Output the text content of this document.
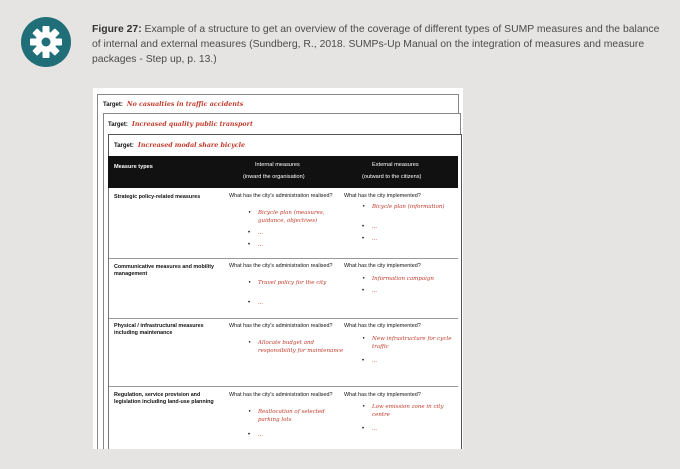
Figure 27: Example of a structure to get an overview of the coverage of different types of SUMP measures and the balance of internal and external measures (Sundberg, R., 2018. SUMPs-Up Manual on the integration of measures and measure packages - Step up, p. 13.)
Target: No casualties in traffic accidents
Target: Increased quality public transport
Target: Increased modal share bicycle
Measure types	Internal measures
(inward the organisation)
External measures
(outward to the citizens)
Strategic policy-related measures	What has the city's administration realised?
• Bicycle plan (measures, guidance, objectives)
• ...
• ...
What has the city implemented?
• Bicycle plan (information)
• ...
• ...
Communicative measures and mobility management
What has the city's administration realised?
• Travel policy for the city
• ...
What has the city implemented?
• Information campaign
• ...
Physical / infrastructural measures including maintenance
What has the city's administration realised?
• Allocate budget and responsibility for maintenance
What has the city implemented?
• New infrastructure for cycle traffic
• ...
Regulation, service provision and legislation including land-use planning
What has the city's administration realised?
• Reallocation of selected parking lots
• ...
What has the city implemented?
• Low emission zone in city centre
• ...
